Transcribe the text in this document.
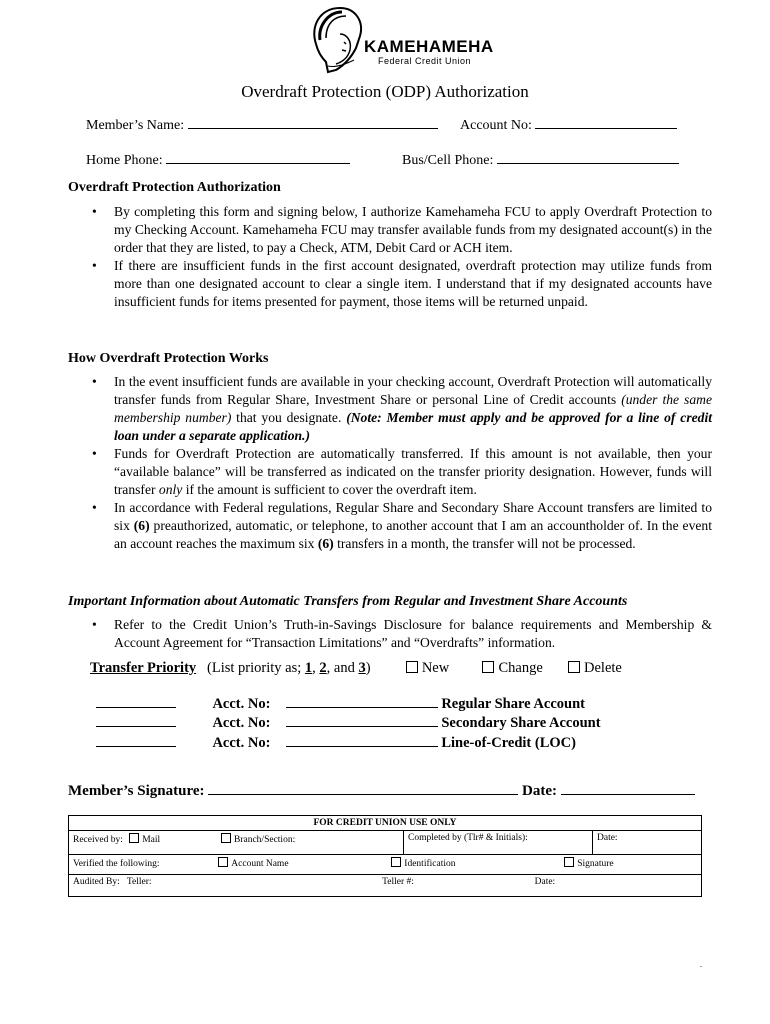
KAMEHAMEHA
Federal Credit Union
Overdraft Protection (ODP) Authorization
Member’s Name:	Account No:
Home Phone:	Bus/Cell Phone:
Overdraft Protection Authorization
• By completing this form and signing below, I authorize Kamehameha FCU to apply Overdraft Protection to my Checking Account. Kamehameha FCU may transfer available funds from my designated account(s) in the order that they are listed, to pay a Check, ATM, Debit Card or ACH item.
• If there are insufficient funds in the first account designated, overdraft protection may utilize funds from more than one designated account to clear a single item. I understand that if my designated accounts have insufficient funds for items presented for payment, those items will be returned unpaid.
How Overdraft Protection Works
• In the event insufficient funds are available in your checking account, Overdraft Protection will automatically transfer funds from Regular Share, Investment Share or personal Line of Credit accounts (under the same membership number) that you designate. (Note: Member must apply and be approved for a line of credit loan under a separate application.)
• Funds for Overdraft Protection are automatically transferred. If this amount is not available, then your “available balance” will be transferred as indicated on the transfer priority designation. However, funds will transfer only if the amount is sufficient to cover the overdraft item.
• In accordance with Federal regulations, Regular Share and Secondary Share Account transfers are limited to six (6) preauthorized, automatic, or telephone, to another account that I am an accountholder of. In the event an account reaches the maximum six (6) transfers in a month, the transfer will not be processed.
Important Information about Automatic Transfers from Regular and Investment Share Accounts
• Refer to the Credit Union’s Truth-in-Savings Disclosure for balance requirements and Membership & Account Agreement for “Transaction Limitations” and “Overdrafts” information.
Transfer Priority (List priority as; 1, 2, and 3)	New	Change	Delete
Acct. No:	Regular Share Account
Acct. No:	Secondary Share Account
Acct. No:	Line-of-Credit (LOC)
Member’s Signature:	Date:
FOR CREDIT UNION USE ONLY
Received by: Mail	Branch/Section:	Completed by (Tlr# & Initials):	Date:
Verified the following:	Account Name	Identification	Signature
Audited By: Teller:	Teller #:	Date:
.
